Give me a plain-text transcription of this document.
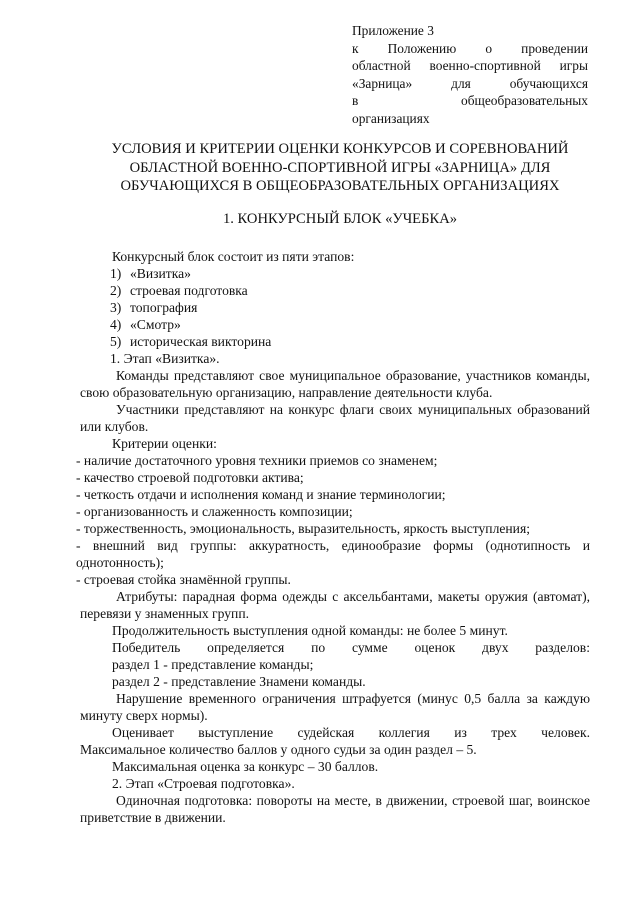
Приложение 3
к Положению о проведении
областной военно-спортивной игры
«Зарница» для обучающихся
в общеобразовательных
организациях
УСЛОВИЯ И КРИТЕРИИ ОЦЕНКИ КОНКУРСОВ И СОРЕВНОВАНИЙ
ОБЛАСТНОЙ ВОЕННО-СПОРТИВНОЙ ИГРЫ «ЗАРНИЦА» ДЛЯ
ОБУЧАЮЩИХСЯ В ОБЩЕОБРАЗОВАТЕЛЬНЫХ ОРГАНИЗАЦИЯХ
1. КОНКУРСНЫЙ БЛОК «УЧЕБКА»

Конкурсный блок состоит из пяти этапов:

1) «Визитка»
2) строевая подготовка
3) топография
4) «Смотр»
5) историческая викторина

1. Этап «Визитка».

Команды представляют свое муниципальное образование, участников команды, свою образовательную организацию, направление деятельности клуба.

Участники представляют на конкурс флаги своих муниципальных образований или клубов.

Критерии оценки:

- наличие достаточного уровня техники приемов со знаменем;

- качество строевой подготовки актива;

- четкость отдачи и исполнения команд и знание терминологии;

- организованность и слаженность композиции;

- торжественность, эмоциональность, выразительность, яркость выступления;

- внешний вид группы: аккуратность, единообразие формы (однотипность и однотонность);

- строевая стойка знамённой группы.

Атрибуты: парадная форма одежды с аксельбантами, макеты оружия (автомат), перевязи у знаменных групп.

Продолжительность выступления одной команды: не более 5 минут.

Победитель определяется по сумме оценок двух разделов:

раздел 1 - представление команды;

раздел 2 - представление Знамени команды.

Нарушение временного ограничения штрафуется (минус 0,5 балла за каждую минуту сверх нормы).

Оценивает выступление судейская коллегия из трех человек.

Максимальное количество баллов у одного судьи за один раздел – 5.

Максимальная оценка за конкурс – 30 баллов.

2. Этап «Строевая подготовка».

Одиночная подготовка: повороты на месте, в движении, строевой шаг, воинское приветствие в движении.
